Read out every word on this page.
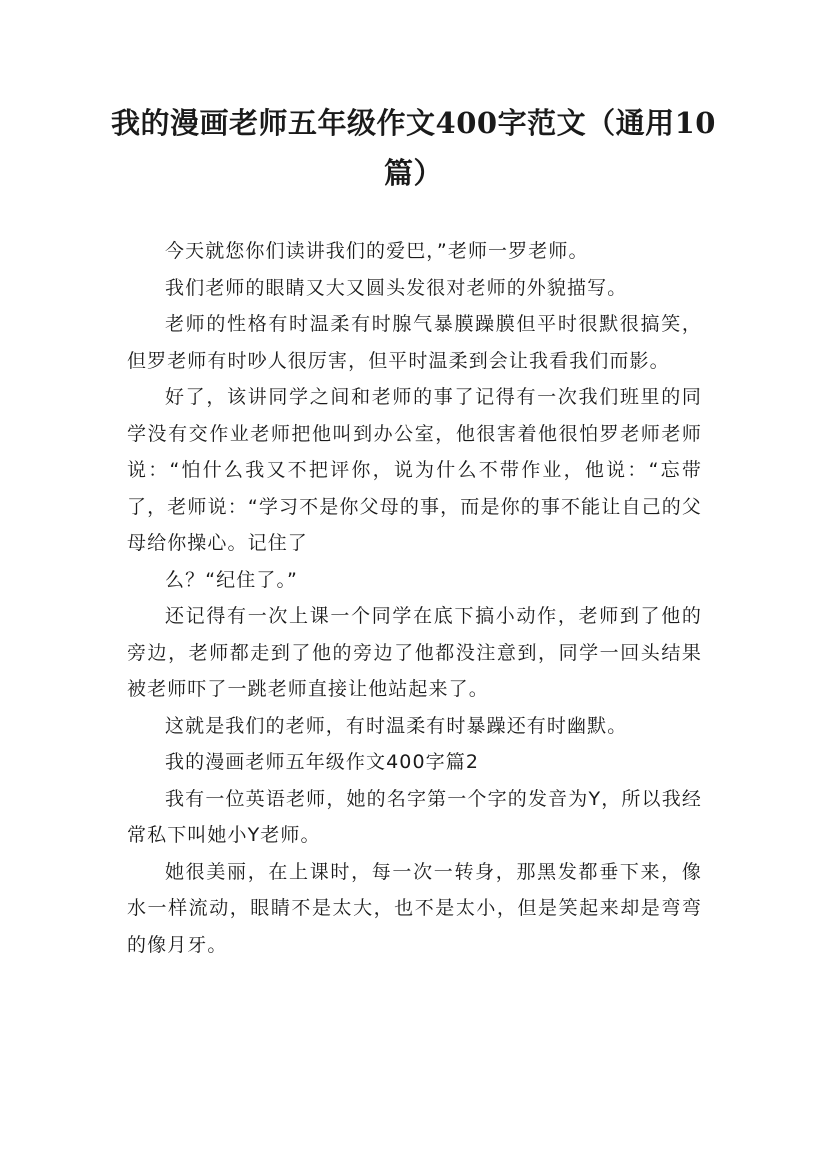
我的漫画老师五年级作文400字范文（通用10篇）

今天就您你们读讲我们的爱巴，”老师一罗老师。

我们老师的眼睛又大又圆头发很对老师的外貌描写。

老师的性格有时温柔有时腺气暴膜躁膜但平时很默很搞笑，但罗老师有时吵人很厉害，但平时温柔到会让我看我们而影。

好了，该讲同学之间和老师的事了记得有一次我们班里的同学没有交作业老师把他叫到办公室，他很害着他很怕罗老师老师说：“怕什么我又不把评你，说为什么不带作业，他说：“忘带了，老师说：“学习不是你父母的事，而是你的事不能让自己的父母给你操心。记住了

么？“纪住了。”

还记得有一次上课一个同学在底下搞小动作，老师到了他的旁边，老师都走到了他的旁边了他都没注意到，同学一回头结果被老师吓了一跳老师直接让他站起来了。

这就是我们的老师，有时温柔有时暴躁还有时幽默。

我的漫画老师五年级作文400字篇2

我有一位英语老师，她的名字第一个字的发音为Y，所以我经常私下叫她小Y老师。

她很美丽，在上课时，每一次一转身，那黑发都垂下来，像水一样流动，眼睛不是太大，也不是太小，但是笑起来却是弯弯的像月牙。
